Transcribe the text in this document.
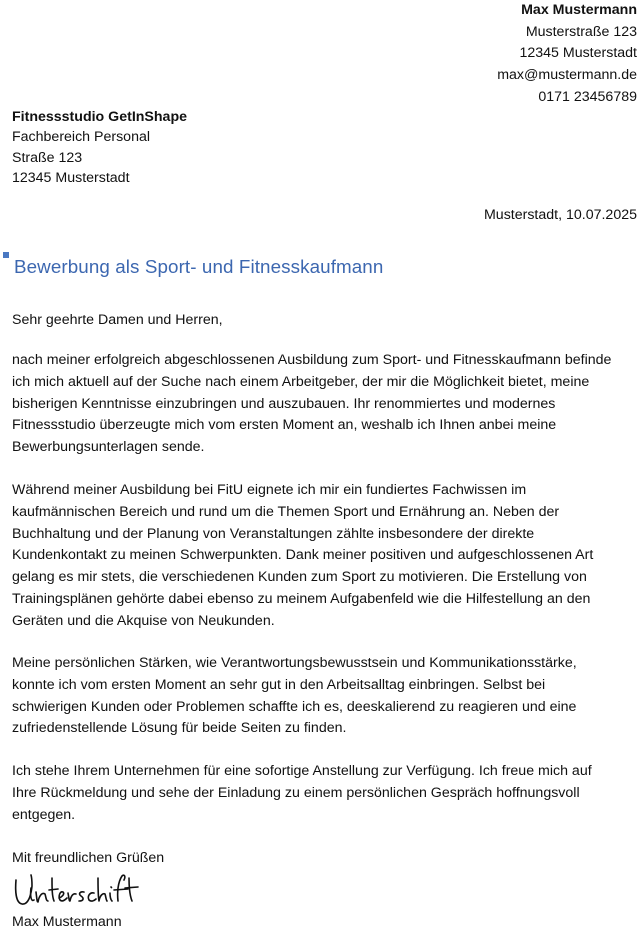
Max Mustermann
Musterstraße 123
12345 Musterstadt
max@mustermann.de
0171 23456789
Fitnessstudio GetInShape
Fachbereich Personal
Straße 123
12345 Musterstadt
Musterstadt, 10.07.2025
Bewerbung als Sport- und Fitnesskaufmann
Sehr geehrte Damen und Herren,
nach meiner erfolgreich abgeschlossenen Ausbildung zum Sport- und Fitnesskaufmann befinde
ich mich aktuell auf der Suche nach einem Arbeitgeber, der mir die Möglichkeit bietet, meine
bisherigen Kenntnisse einzubringen und auszubauen. Ihr renommiertes und modernes
Fitnessstudio überzeugte mich vom ersten Moment an, weshalb ich Ihnen anbei meine
Bewerbungsunterlagen sende.
Während meiner Ausbildung bei FitU eignete ich mir ein fundiertes Fachwissen im
kaufmännischen Bereich und rund um die Themen Sport und Ernährung an. Neben der
Buchhaltung und der Planung von Veranstaltungen zählte insbesondere der direkte
Kundenkontakt zu meinen Schwerpunkten. Dank meiner positiven und aufgeschlossenen Art
gelang es mir stets, die verschiedenen Kunden zum Sport zu motivieren. Die Erstellung von
Trainingsplänen gehörte dabei ebenso zu meinem Aufgabenfeld wie die Hilfestellung an den
Geräten und die Akquise von Neukunden.
Meine persönlichen Stärken, wie Verantwortungsbewusstsein und Kommunikationsstärke,
konnte ich vom ersten Moment an sehr gut in den Arbeitsalltag einbringen. Selbst bei
schwierigen Kunden oder Problemen schaffte ich es, deeskalierend zu reagieren und eine
zufriedenstellende Lösung für beide Seiten zu finden.
Ich stehe Ihrem Unternehmen für eine sofortige Anstellung zur Verfügung. Ich freue mich auf
Ihre Rückmeldung und sehe der Einladung zu einem persönlichen Gespräch hoffnungsvoll
entgegen.
Mit freundlichen Grüßen
Max Mustermann
